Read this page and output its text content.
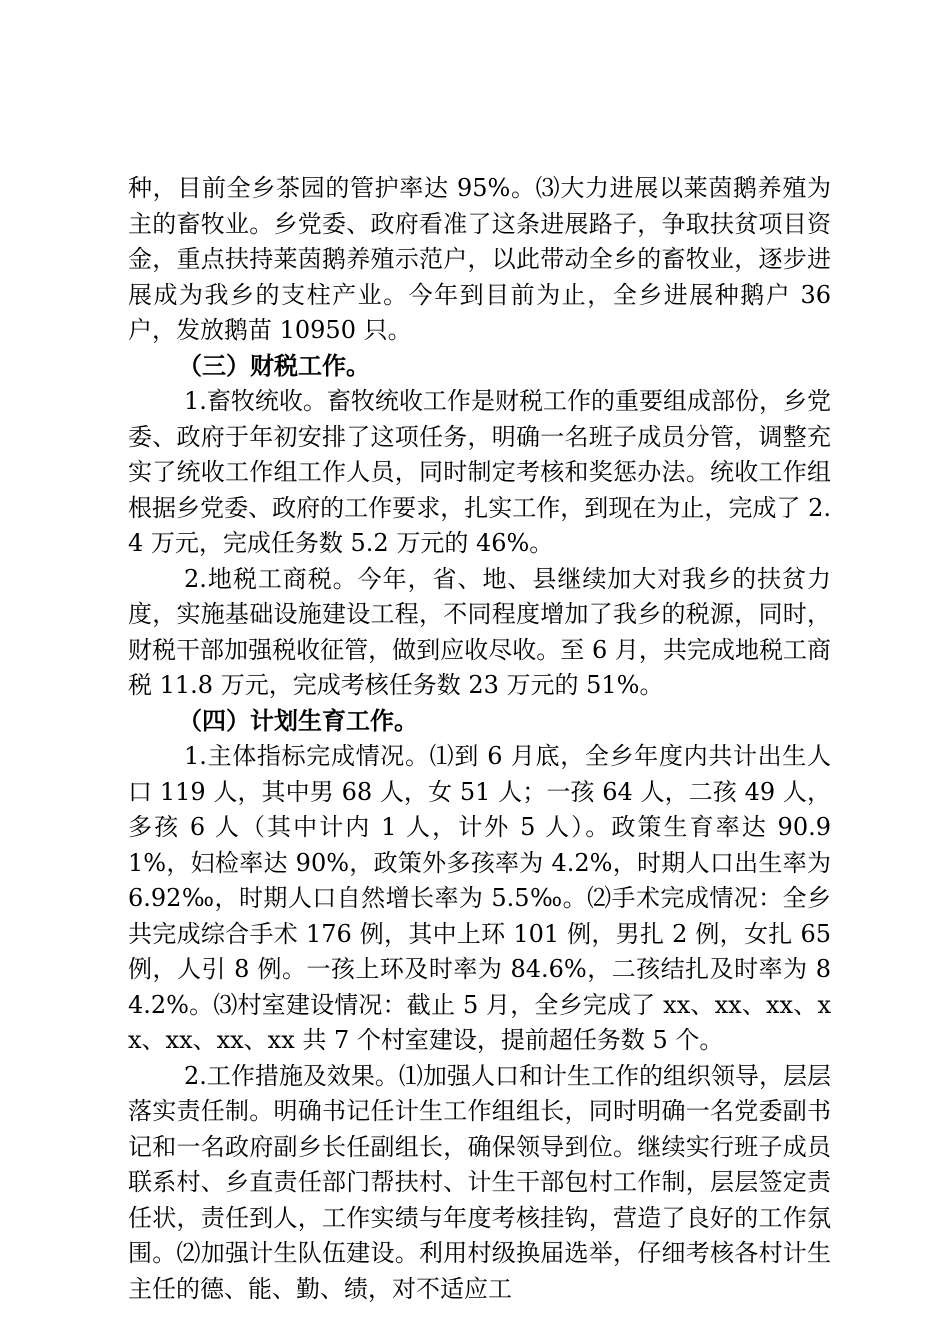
种，目前全乡茶园的管护率达 95%。⑶大力进展以莱茵鹅养殖为主的畜牧业。乡党委、政府看准了这条进展路子，争取扶贫项目资金，重点扶持莱茵鹅养殖示范户，以此带动全乡的畜牧业，逐步进展成为我乡的支柱产业。今年到目前为止，全乡进展种鹅户 36 户，发放鹅苗 10950 只。

（三）财税工作。

1.畜牧统收。畜牧统收工作是财税工作的重要组成部份，乡党委、政府于年初安排了这项任务，明确一名班子成员分管，调整充实了统收工作组工作人员，同时制定考核和奖惩办法。统收工作组根据乡党委、政府的工作要求，扎实工作，到现在为止，完成了 2.4 万元，完成任务数 5.2 万元的 46%。

2.地税工商税。今年，省、地、县继续加大对我乡的扶贫力度，实施基础设施建设工程，不同程度增加了我乡的税源，同时，财税干部加强税收征管，做到应收尽收。至 6 月，共完成地税工商税 11.8 万元，完成考核任务数 23 万元的 51%。

（四）计划生育工作。

1.主体指标完成情况。⑴到 6 月底，全乡年度内共计出生人口 119 人，其中男 68 人，女 51 人；一孩 64 人，二孩 49 人，多孩 6 人（其中计内 1 人，计外 5 人）。政策生育率达 90.91%，妇检率达 90%，政策外多孩率为 4.2%，时期人口出生率为 6.92‰，时期人口自然增长率为 5.5‰。⑵手术完成情况：全乡共完成综合手术 176 例，其中上环 101 例，男扎 2 例，女扎 65 例，人引 8 例。一孩上环及时率为 84.6%，二孩结扎及时率为 84.2%。⑶村室建设情况：截止 5 月，全乡完成了 xx、xx、xx、xx、xx、xx、xx 共 7 个村室建设，提前超任务数 5 个。

2.工作措施及效果。⑴加强人口和计生工作的组织领导，层层落实责任制。明确书记任计生工作组组长，同时明确一名党委副书记和一名政府副乡长任副组长，确保领导到位。继续实行班子成员联系村、乡直责任部门帮扶村、计生干部包村工作制，层层签定责任状，责任到人，工作实绩与年度考核挂钩，营造了良好的工作氛围。⑵加强计生队伍建设。利用村级换届选举，仔细考核各村计生主任的德、能、勤、绩，对不适应工
